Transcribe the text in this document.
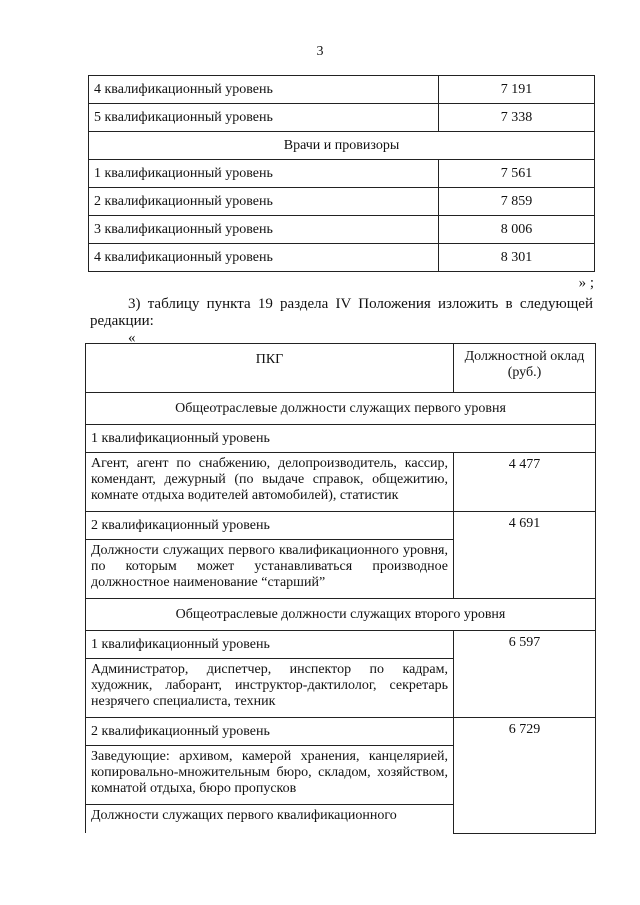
3
4 квалификационный уровень	7 191
5 квалификационный уровень	7 338
Врачи и провизоры	
1 квалификационный уровень	7 561
2 квалификационный уровень	7 859
3 квалификационный уровень	8 006
4 квалификационный уровень	8 301
» ;
3) таблицу пункта 19 раздела IV Положения изложить в следующей редакции:
«
ПКГ	Должностной оклад (руб.)
Общеотраслевые должности служащих первого уровня	
1 квалификационный уровень	
Агент, агент по снабжению, делопроизводитель, кассир, комендант, дежурный (по выдаче справок, общежитию, комнате отдыха водителей автомобилей), статистик	4 477
2 квалификационный уровень	4 691
Должности служащих первого квалификационного уровня, по которым может устанавливаться производное должностное наименование “старший”	
Общеотраслевые должности служащих второго уровня	
1 квалификационный уровень	6 597
Администратор, диспетчер, инспектор по кадрам, художник, лаборант, инструктор-дактилолог, секретарь незрячего специалиста, техник	
2 квалификационный уровень	6 729
Заведующие: архивом, камерой хранения, канцелярией, копировально-множительным бюро, складом, хозяйством, комнатой отдыха, бюро пропусков	
Должности служащих первого квалификационного	
